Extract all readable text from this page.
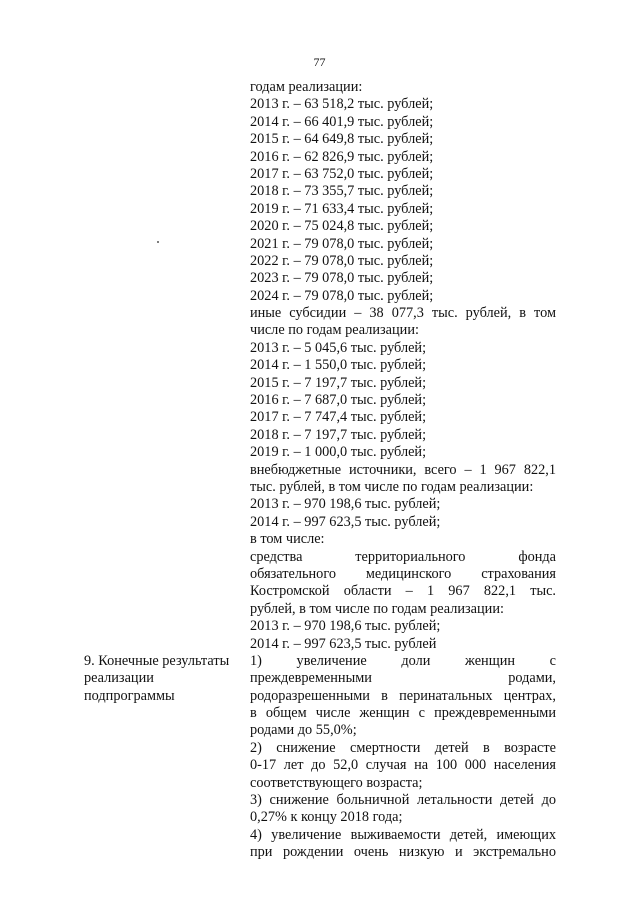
77
годам реализации:
2013 г. – 63 518,2 тыс. рублей;
2014 г. – 66 401,9 тыс. рублей;
2015 г. – 64 649,8 тыс. рублей;
2016 г. – 62 826,9 тыс. рублей;
2017 г. – 63 752,0 тыс. рублей;
2018 г. – 73 355,7 тыс. рублей;
2019 г. – 71 633,4 тыс. рублей;
2020 г. – 75 024,8 тыс. рублей;
2021 г. – 79 078,0 тыс. рублей;
2022 г. – 79 078,0 тыс. рублей;
2023 г. – 79 078,0 тыс. рублей;
2024 г. – 79 078,0 тыс. рублей;
иные субсидии – 38 077,3 тыс. рублей, в том
числе по годам реализации:
2013 г. – 5 045,6 тыс. рублей;
2014 г. – 1 550,0 тыс. рублей;
2015 г. – 7 197,7 тыс. рублей;
2016 г. – 7 687,0 тыс. рублей;
2017 г. – 7 747,4 тыс. рублей;
2018 г. – 7 197,7 тыс. рублей;
2019 г. – 1 000,0 тыс. рублей;
внебюджетные источники, всего – 1 967 822,1
тыс. рублей, в том числе по годам реализации:
2013 г. – 970 198,6 тыс. рублей;
2014 г. – 997 623,5 тыс. рублей;
в том числе:
средства территориального фонда
обязательного медицинского страхования
Костромской области – 1 967 822,1 тыс.
рублей, в том числе по годам реализации:
2013 г. – 970 198,6 тыс. рублей;
2014 г. – 997 623,5 тыс. рублей
9. Конечные результаты
реализации
подпрограммы
1) увеличение доли женщин с
преждевременными	родами,
родоразрешенными в перинатальных центрах,
в общем числе женщин с преждевременными
родами до 55,0%;
2) снижение смертности детей в возрасте
0-17 лет до 52,0 случая на 100 000 населения
соответствующего возраста;
3) снижение больничной летальности детей до
0,27% к концу 2018 года;
4) увеличение выживаемости детей, имеющих
при рождении очень низкую и экстремально
